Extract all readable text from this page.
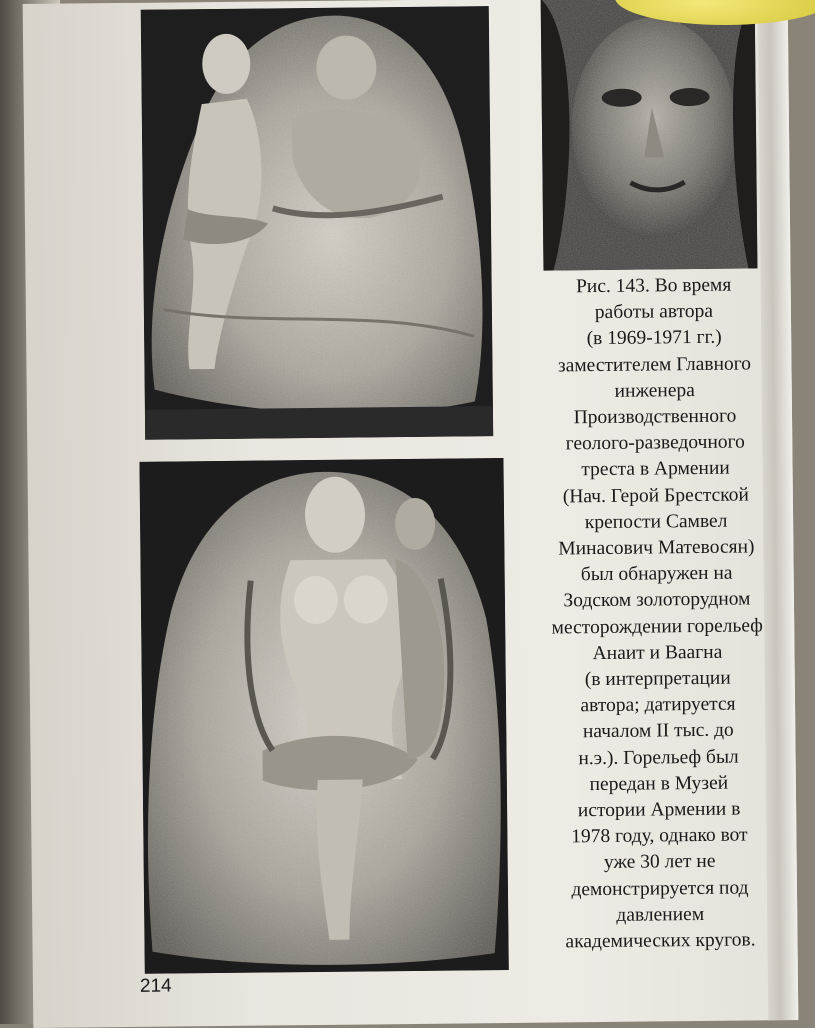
Рис. 143. Во время
работы автора
(в 1969-1971 гг.)
заместителем Главного
инженера
Производственного
геолого-разведочного
треста в Армении
(Нач. Герой Брестской
крепости Самвел
Минасович Матевосян)
был обнаружен на
Зодском золоторудном
месторождении горельеф
Анаит и Ваагна
(в интерпретации
автора; датируется
началом II тыс. до
н.э.). Горельеф был
передан в Музей
истории Армении в
1978 году, однако вот
уже 30 лет не
демонстрируется под
давлением
академических кругов.
214
